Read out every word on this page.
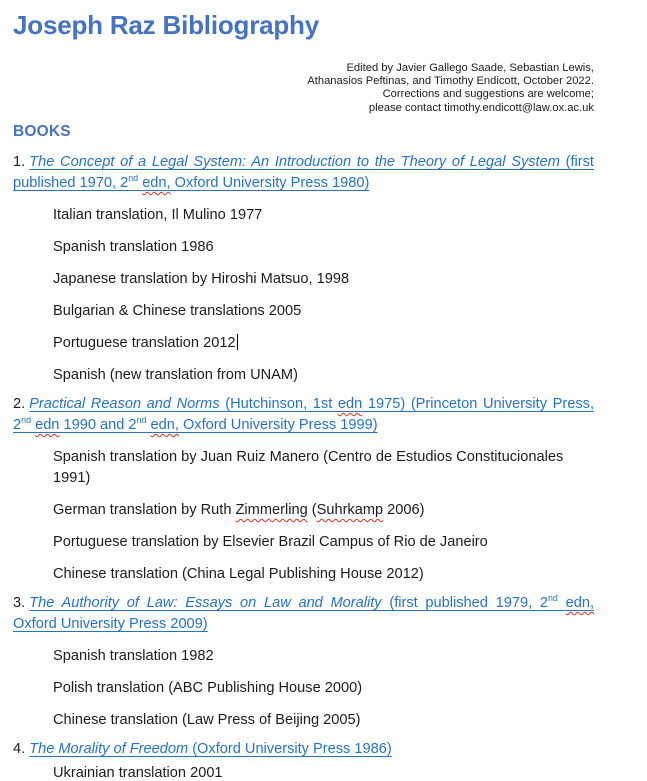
Joseph Raz Bibliography
Edited by Javier Gallego Saade, Sebastian Lewis,
Athanasios Peftinas, and Timothy Endicott, October 2022.
Corrections and suggestions are welcome;
please contact timothy.endicott@law.ox.ac.uk
BOOKS

1. The Concept of a Legal System: An Introduction to the Theory of Legal System (first published 1970, 2nd edn, Oxford University Press 1980)

Italian translation, Il Mulino 1977

Spanish translation 1986

Japanese translation by Hiroshi Matsuo, 1998

Bulgarian & Chinese translations 2005

Portuguese translation 2012

Spanish (new translation from UNAM)

2. Practical Reason and Norms (Hutchinson, 1st edn 1975) (Princeton University Press, 2nd edn 1990 and 2nd edn, Oxford University Press 1999)

Spanish translation by Juan Ruiz Manero (Centro de Estudios Constitucionales 1991)

German translation by Ruth Zimmerling (Suhrkamp 2006)

Portuguese translation by Elsevier Brazil Campus of Rio de Janeiro

Chinese translation (China Legal Publishing House 2012)

3. The Authority of Law: Essays on Law and Morality (first published 1979, 2nd edn, Oxford University Press 2009)

Spanish translation 1982

Polish translation (ABC Publishing House 2000)

Chinese translation (Law Press of Beijing 2005)

4. The Morality of Freedom (Oxford University Press 1986)

Ukrainian translation 2001
